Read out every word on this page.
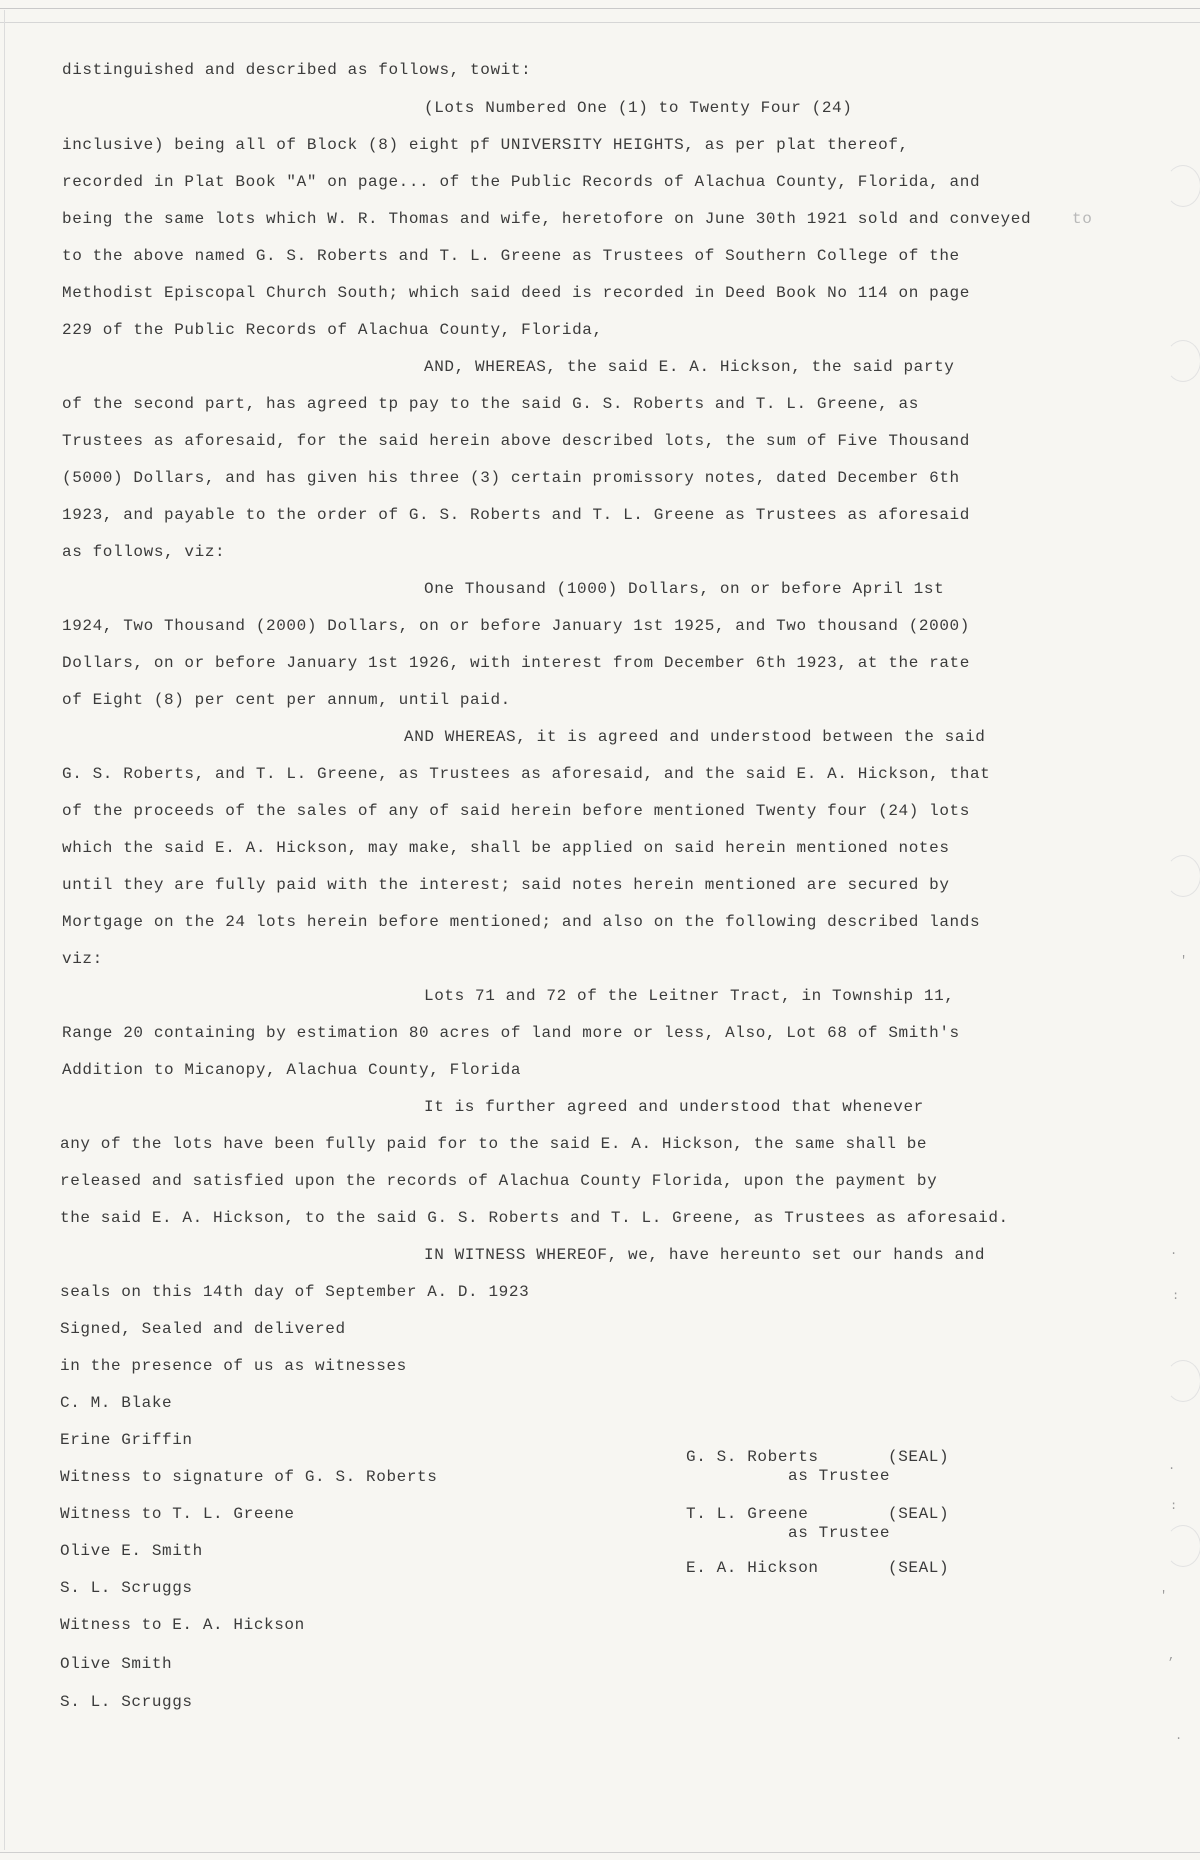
distinguished and described as follows, towit:
(Lots Numbered One (1) to Twenty Four (24)
inclusive) being all of Block (8) eight pf UNIVERSITY HEIGHTS, as per plat thereof,
recorded in Plat Book "A" on page... of the Public Records of Alachua County, Florida, and
being the same lots which W. R. Thomas and wife, heretofore on June 30th 1921 sold and conveyed	to
to the above named G. S. Roberts and T. L. Greene as Trustees of Southern College of the
Methodist Episcopal Church South; which said deed is recorded in Deed Book No 114 on page
229 of the Public Records of Alachua County, Florida,
AND, WHEREAS, the said E. A. Hickson, the said party
of the second part, has agreed tp pay to the said G. S. Roberts and T. L. Greene, as
Trustees as aforesaid, for the said herein above described lots, the sum of Five Thousand
(5000) Dollars, and has given his three (3) certain promissory notes, dated December 6th
1923, and payable to the order of G. S. Roberts and T. L. Greene as Trustees as aforesaid
as follows, viz:
One Thousand (1000) Dollars, on or before April 1st
1924, Two Thousand (2000) Dollars, on or before January 1st 1925, and Two thousand (2000)
Dollars, on or before January 1st 1926, with interest from December 6th 1923, at the rate
of Eight (8) per cent per annum, until paid.
AND WHEREAS, it is agreed and understood between the said
G. S. Roberts, and T. L. Greene, as Trustees as aforesaid, and the said E. A. Hickson, that
of the proceeds of the sales of any of said herein before mentioned Twenty four (24) lots
which the said E. A. Hickson, may make, shall be applied on said herein mentioned notes
until they are fully paid with the interest; said notes herein mentioned are secured by
Mortgage on the 24 lots herein before mentioned; and also on the following described lands
viz:
Lots 71 and 72 of the Leitner Tract, in Township 11,
Range 20 containing by estimation 80 acres of land more or less, Also, Lot 68 of Smith's
Addition to Micanopy, Alachua County, Florida
It is further agreed and understood that whenever
any of the lots have been fully paid for to the said E. A. Hickson, the same shall be
released and satisfied upon the records of Alachua County Florida, upon the payment by
the said E. A. Hickson, to the said G. S. Roberts and T. L. Greene, as Trustees as aforesaid.
IN WITNESS WHEREOF, we, have hereunto set our hands and
seals on this 14th day of September A. D. 1923
Signed, Sealed and delivered
in the presence of us as witnesses
C. M. Blake
Erine Griffin
Witness to signature of G. S. Roberts
Witness to T. L. Greene
Olive E. Smith
S. L. Scruggs
Witness to E. A. Hickson
Olive Smith
S. L. Scruggs
G. S. Roberts	(SEAL)
as Trustee
T. L. Greene	(SEAL)
as Trustee
E. A. Hickson	(SEAL)
'
.
:
.
:
'
,
.
